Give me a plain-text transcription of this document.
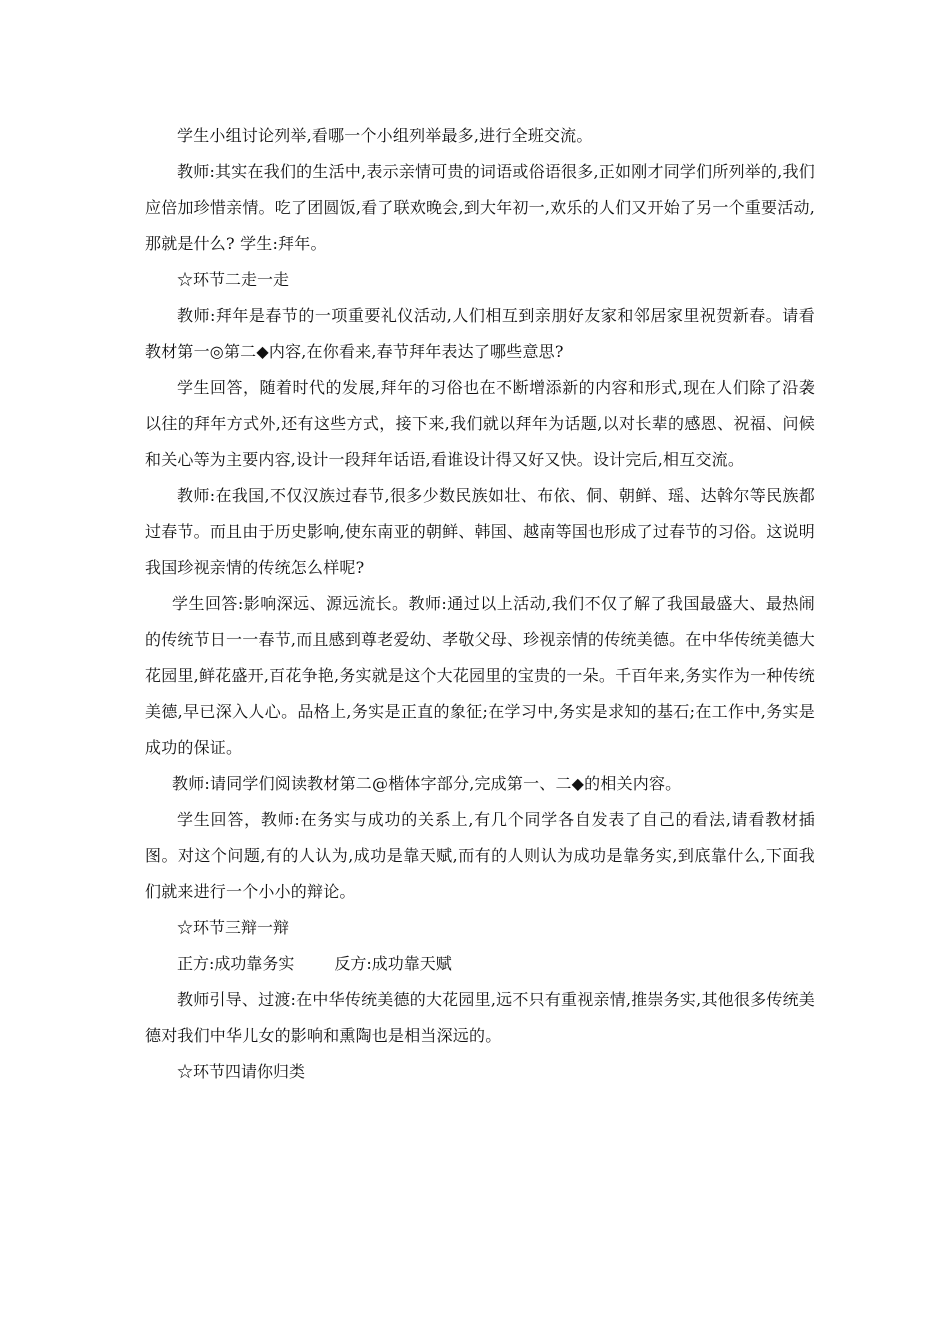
学生小组讨论列举,看哪一个小组列举最多,进行全班交流。

教师:其实在我们的生活中,表示亲情可贵的词语或俗语很多,正如刚才同学们所列举的,我们应倍加珍惜亲情。吃了团圆饭,看了联欢晚会,到大年初一,欢乐的人们又开始了另一个重要活动,那就是什么? 学生:拜年。

☆环节二走一走

教师:拜年是春节的一项重要礼仪活动,人们相互到亲朋好友家和邻居家里祝贺新春。请看教材第一◎第二◆内容,在你看来,春节拜年表达了哪些意思?

学生回答，随着时代的发展,拜年的习俗也在不断增添新的内容和形式,现在人们除了沿袭以往的拜年方式外,还有这些方式，接下来,我们就以拜年为话题,以对长辈的感恩、祝福、问候和关心等为主要内容,设计一段拜年话语,看谁设计得又好又快。设计完后,相互交流。

教师:在我国,不仅汉族过春节,很多少数民族如壮、布依、侗、朝鲜、瑶、达斡尔等民族都过春节。而且由于历史影响,使东南亚的朝鲜、韩国、越南等国也形成了过春节的习俗。这说明我国珍视亲情的传统怎么样呢?

学生回答:影响深远、源远流长。教师:通过以上活动,我们不仅了解了我国最盛大、最热闹的传统节日一一春节,而且感到尊老爱幼、孝敬父母、珍视亲情的传统美德。在中华传统美德大花园里,鲜花盛开,百花争艳,务实就是这个大花园里的宝贵的一朵。千百年来,务实作为一种传统美德,早已深入人心。品格上,务实是正直的象征;在学习中,务实是求知的基石;在工作中,务实是成功的保证。

教师:请同学们阅读教材第二@楷体字部分,完成第一、二◆的相关内容。

学生回答，教师:在务实与成功的关系上,有几个同学各自发表了自己的看法,请看教材插图。对这个问题,有的人认为,成功是靠天赋,而有的人则认为成功是靠务实,到底靠什么,下面我们就来进行一个小小的辩论。

☆环节三辩一辩

正方:成功靠务实	反方:成功靠天赋

教师引导、过渡:在中华传统美德的大花园里,远不只有重视亲情,推崇务实,其他很多传统美德对我们中华儿女的影响和熏陶也是相当深远的。

☆环节四请你归类
